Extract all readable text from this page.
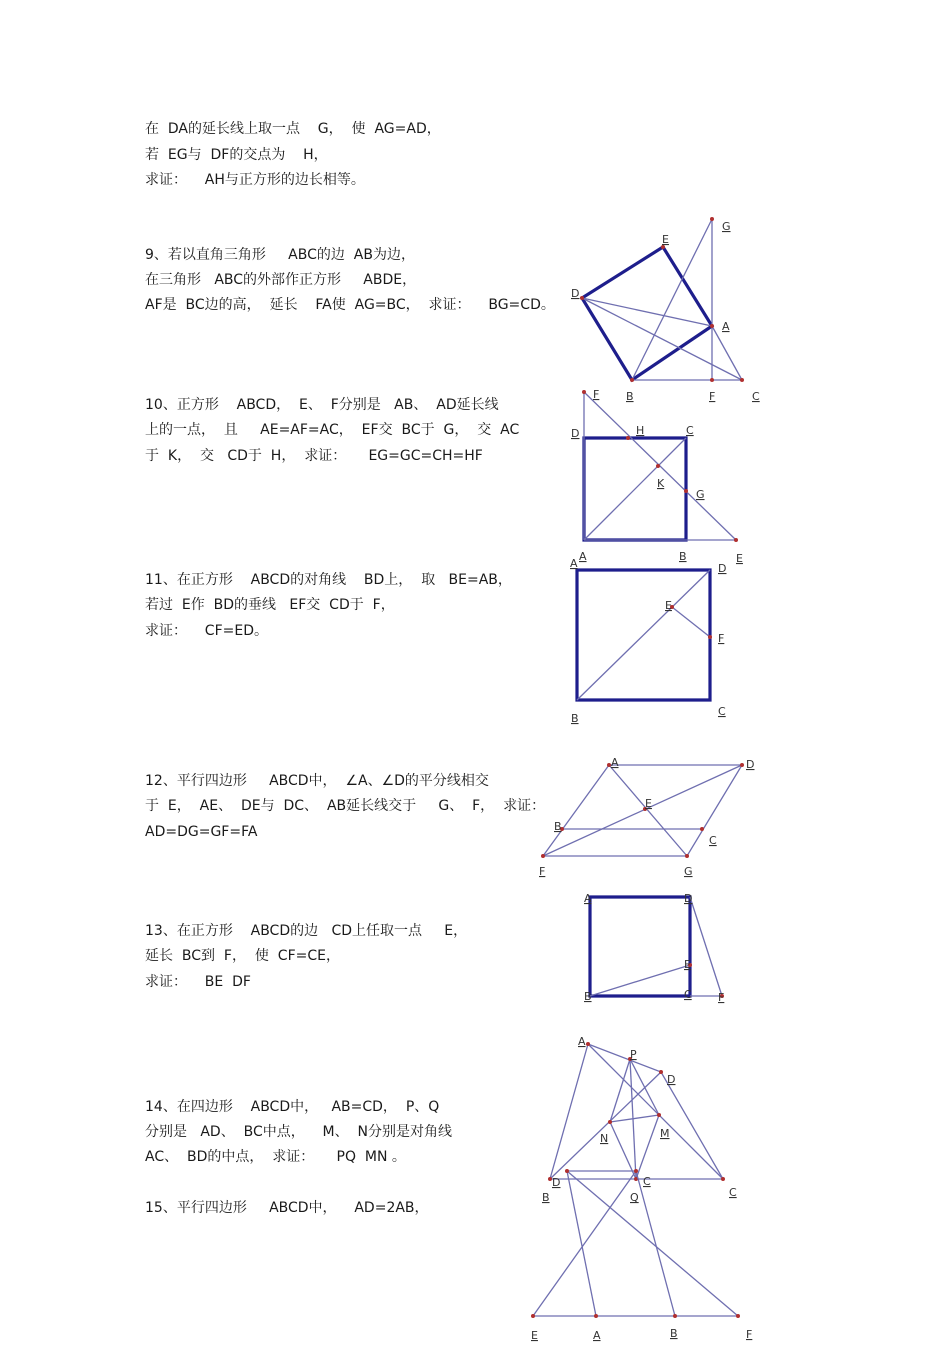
在  DA的延长线上取一点    G，  使  AG=AD，
若  EG与  DF的交点为    H，
求证：    AH与正方形的边长相等。
9、若以直角三角形     ABC的边  AB为边，
在三角形   ABC的外部作正方形     ABDE，
AF是  BC边的高，  延长    FA使  AG=BC，  求证：    BG=CD。
10、正方形    ABCD，  E、  F分别是   AB、  AD延长线
上的一点，  且     AE=AF=AC，  EF交  BC于  G，  交  AC
于  K，  交   CD于  H，  求证：     EG=GC=CH=HF
11、在正方形    ABCD的对角线    BD上，  取   BE=AB，
若过  E作  BD的垂线   EF交  CD于  F，
求证：    CF=ED。
12、平行四边形     ABCD中，  ∠A、∠D的平分线相交
于  E，  AE、  DE与  DC、  AB延长线交于     G、  F，  求证：
AD=DG=GF=FA
13、在正方形    ABCD的边   CD上任取一点     E，
延长  BC到  F，  使  CF=CE，
求证：    BE  DF
14、在四边形    ABCD中，   AB=CD，  P、Q
分别是   AD、  BC中点，    M、  N分别是对角线
AC、  BD的中点，  求证：     PQ  MN 。
15、平行四边形     ABCD中，    AD=2AB，
G
E
D
A
B	F	C
F
H	C
D
K
G
A	B	E
A	D
E
F
B
C
A	D
E
B
C
F	G
A	D
E
B	C F
A
P
D
N	M
B	Q	C
D	C
E	A	B	F
